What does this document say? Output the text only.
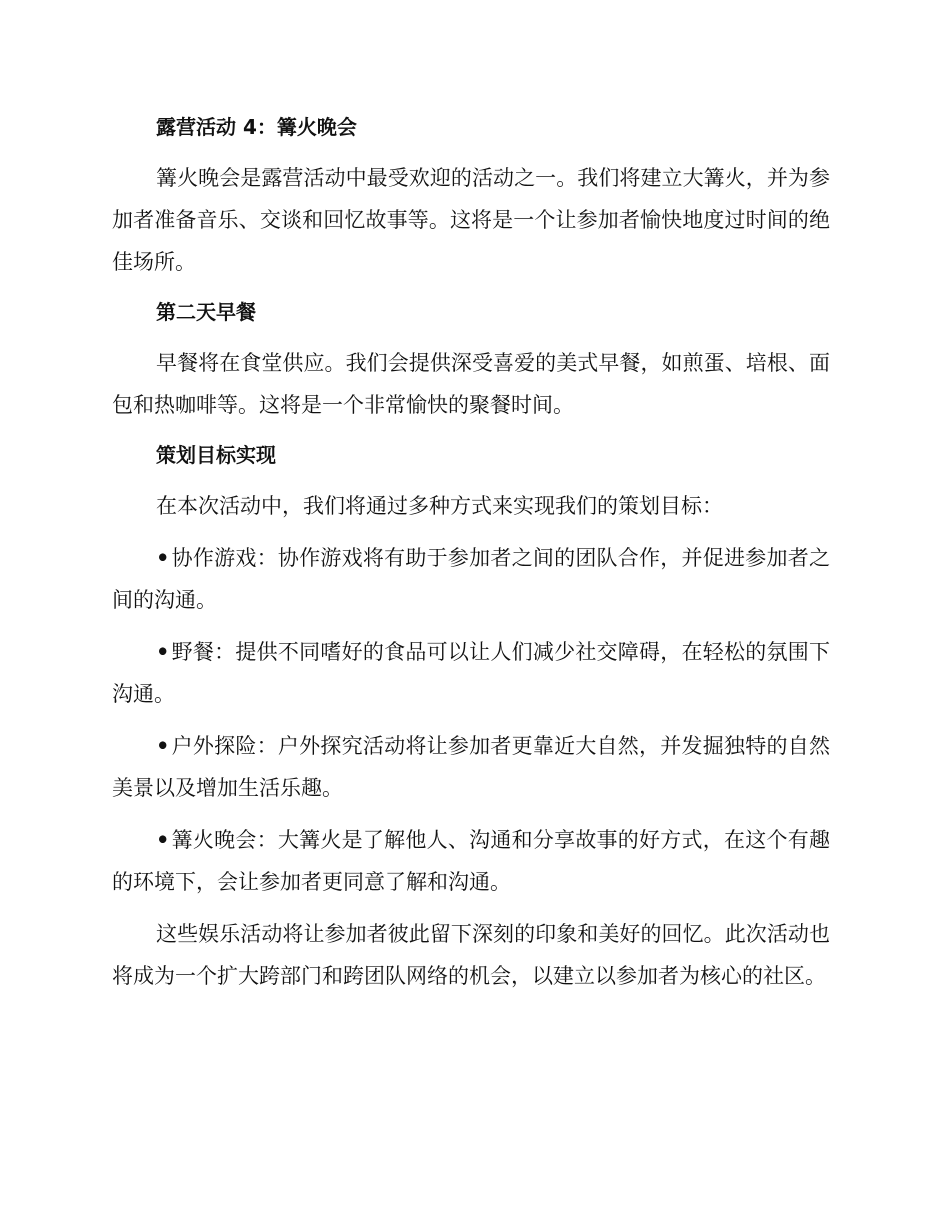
露营活动 4：篝火晚会

篝火晚会是露营活动中最受欢迎的活动之一。我们将建立大篝火，并为参加者准备音乐、交谈和回忆故事等。这将是一个让参加者愉快地度过时间的绝佳场所。

第二天早餐

早餐将在食堂供应。我们会提供深受喜爱的美式早餐，如煎蛋、培根、面包和热咖啡等。这将是一个非常愉快的聚餐时间。

策划目标实现

在本次活动中，我们将通过多种方式来实现我们的策划目标：

•协作游戏：协作游戏将有助于参加者之间的团队合作，并促进参加者之间的沟通。

•野餐：提供不同嗜好的食品可以让人们减少社交障碍，在轻松的氛围下沟通。

•户外探险：户外探究活动将让参加者更靠近大自然，并发掘独特的自然美景以及增加生活乐趣。

•篝火晚会：大篝火是了解他人、沟通和分享故事的好方式，在这个有趣的环境下，会让参加者更同意了解和沟通。

这些娱乐活动将让参加者彼此留下深刻的印象和美好的回忆。此次活动也将成为一个扩大跨部门和跨团队网络的机会，以建立以参加者为核心的社区。
